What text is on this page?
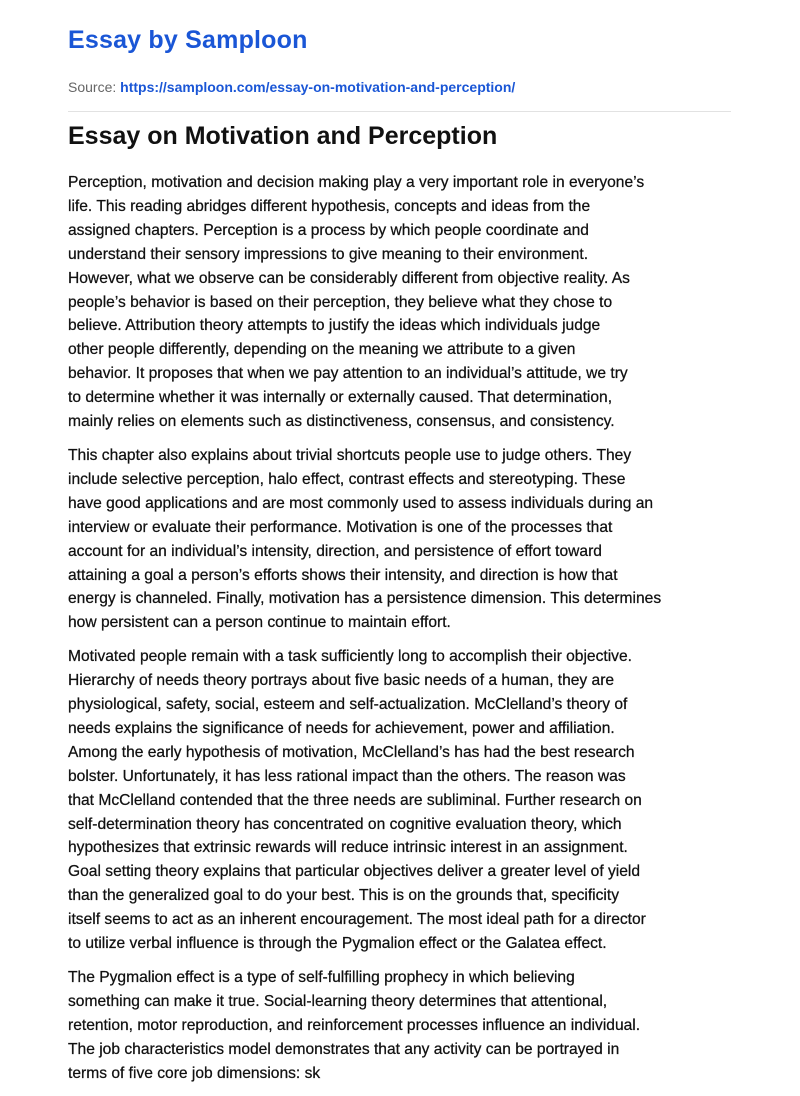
Essay by Samploon
Source: https://samploon.com/essay-on-motivation-and-perception/
Essay on Motivation and Perception

Perception, motivation and decision making play a very important role in everyone’s
life. This reading abridges different hypothesis, concepts and ideas from the
assigned chapters. Perception is a process by which people coordinate and
understand their sensory impressions to give meaning to their environment.
However, what we observe can be considerably different from objective reality. As
people’s behavior is based on their perception, they believe what they chose to
believe. Attribution theory attempts to justify the ideas which individuals judge
other people differently, depending on the meaning we attribute to a given
behavior. It proposes that when we pay attention to an individual’s attitude, we try
to determine whether it was internally or externally caused. That determination,
mainly relies on elements such as distinctiveness, consensus, and consistency.

This chapter also explains about trivial shortcuts people use to judge others. They
include selective perception, halo effect, contrast effects and stereotyping. These
have good applications and are most commonly used to assess individuals during an
interview or evaluate their performance. Motivation is one of the processes that
account for an individual’s intensity, direction, and persistence of effort toward
attaining a goal a person’s efforts shows their intensity, and direction is how that
energy is channeled. Finally, motivation has a persistence dimension. This determines
how persistent can a person continue to maintain effort.

Motivated people remain with a task sufficiently long to accomplish their objective.
Hierarchy of needs theory portrays about five basic needs of a human, they are
physiological, safety, social, esteem and self-actualization. McClelland’s theory of
needs explains the significance of needs for achievement, power and affiliation.
Among the early hypothesis of motivation, McClelland’s has had the best research
bolster. Unfortunately, it has less rational impact than the others. The reason was
that McClelland contended that the three needs are subliminal. Further research on
self-determination theory has concentrated on cognitive evaluation theory, which
hypothesizes that extrinsic rewards will reduce intrinsic interest in an assignment.
Goal setting theory explains that particular objectives deliver a greater level of yield
than the generalized goal to do your best. This is on the grounds that, specificity
itself seems to act as an inherent encouragement. The most ideal path for a director
to utilize verbal influence is through the Pygmalion effect or the Galatea effect.

The Pygmalion effect is a type of self-fulfilling prophecy in which believing
something can make it true. Social-learning theory determines that attentional,
retention, motor reproduction, and reinforcement processes influence an individual.
The job characteristics model demonstrates that any activity can be portrayed in
terms of five core job dimensions: sk
